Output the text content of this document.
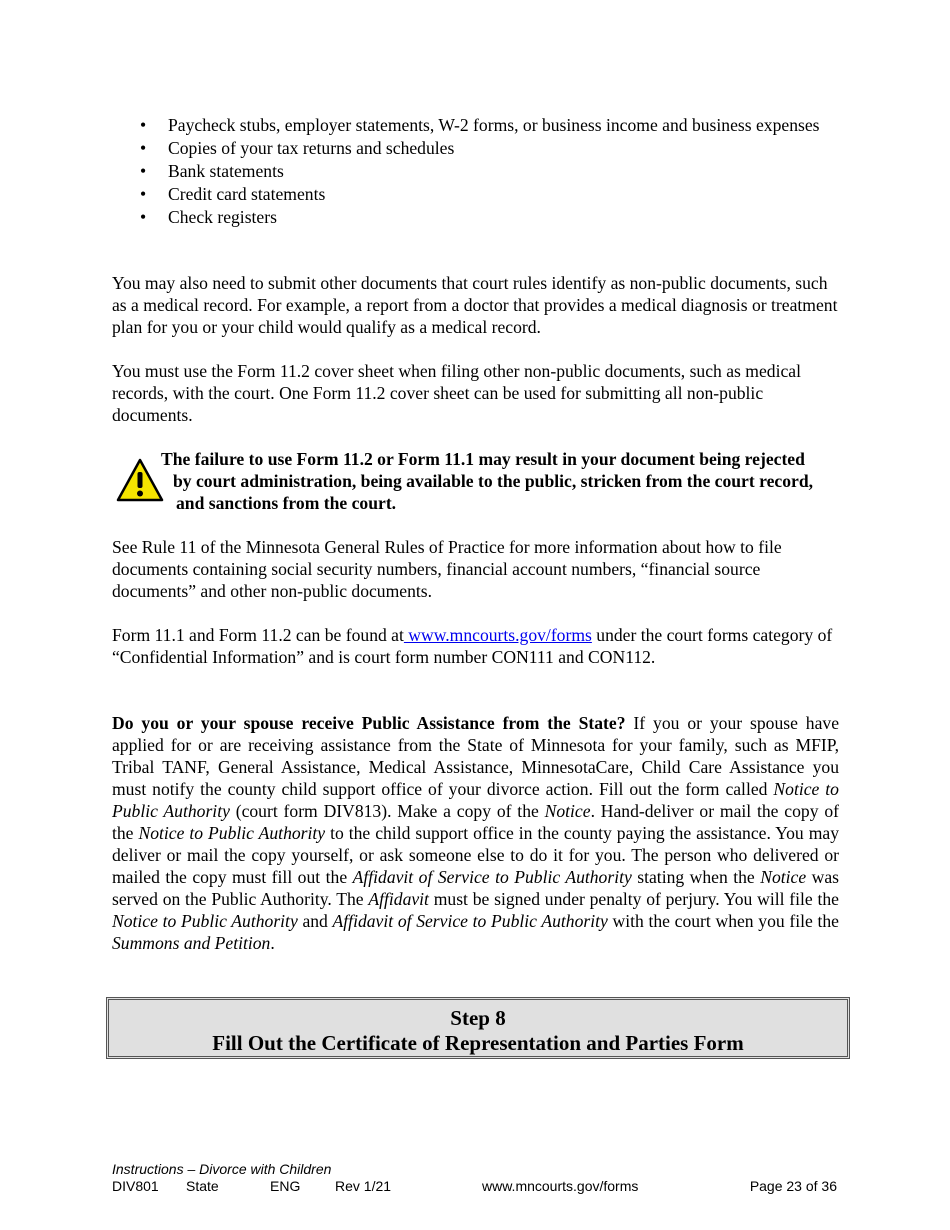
• Paycheck stubs, employer statements, W-2 forms, or business income and business expenses
• Copies of your tax returns and schedules
• Bank statements
• Credit card statements
• Check registers

You may also need to submit other documents that court rules identify as non-public documents, such as a medical record. For example, a report from a doctor that provides a medical diagnosis or treatment plan for you or your child would qualify as a medical record.

You must use the Form 11.2 cover sheet when filing other non-public documents, such as medical records, with the court. One Form 11.2 cover sheet can be used for submitting all non-public documents.

The failure to use Form 11.2 or Form 11.1 may result in your document being rejected
by court administration, being available to the public, stricken from the court record,
and sanctions from the court.

See Rule 11 of the Minnesota General Rules of Practice for more information about how to file documents containing social security numbers, financial account numbers, “financial source documents” and other non-public documents.

Form 11.1 and Form 11.2 can be found at www.mncourts.gov/forms under the court forms category of “Confidential Information” and is court form number CON111 and CON112.

Do you or your spouse receive Public Assistance from the State? If you or your spouse have applied for or are receiving assistance from the State of Minnesota for your family, such as MFIP, Tribal TANF, General Assistance, Medical Assistance, MinnesotaCare, Child Care Assistance you must notify the county child support office of your divorce action. Fill out the form called Notice to Public Authority (court form DIV813). Make a copy of the Notice. Hand-deliver or mail the copy of the Notice to Public Authority to the child support office in the county paying the assistance. You may deliver or mail the copy yourself, or ask someone else to do it for you. The person who delivered or mailed the copy must fill out the Affidavit of Service to Public Authority stating when the Notice was served on the Public Authority. The Affidavit must be signed under penalty of perjury. You will file the Notice to Public Authority and Affidavit of Service to Public Authority with the court when you file the Summons and Petition.

Step 8
Fill Out the Certificate of Representation and Parties Form
Instructions – Divorce with Children
DIV801 State	ENG Rev 1/21	www.mncourts.gov/forms	Page 23 of 36
